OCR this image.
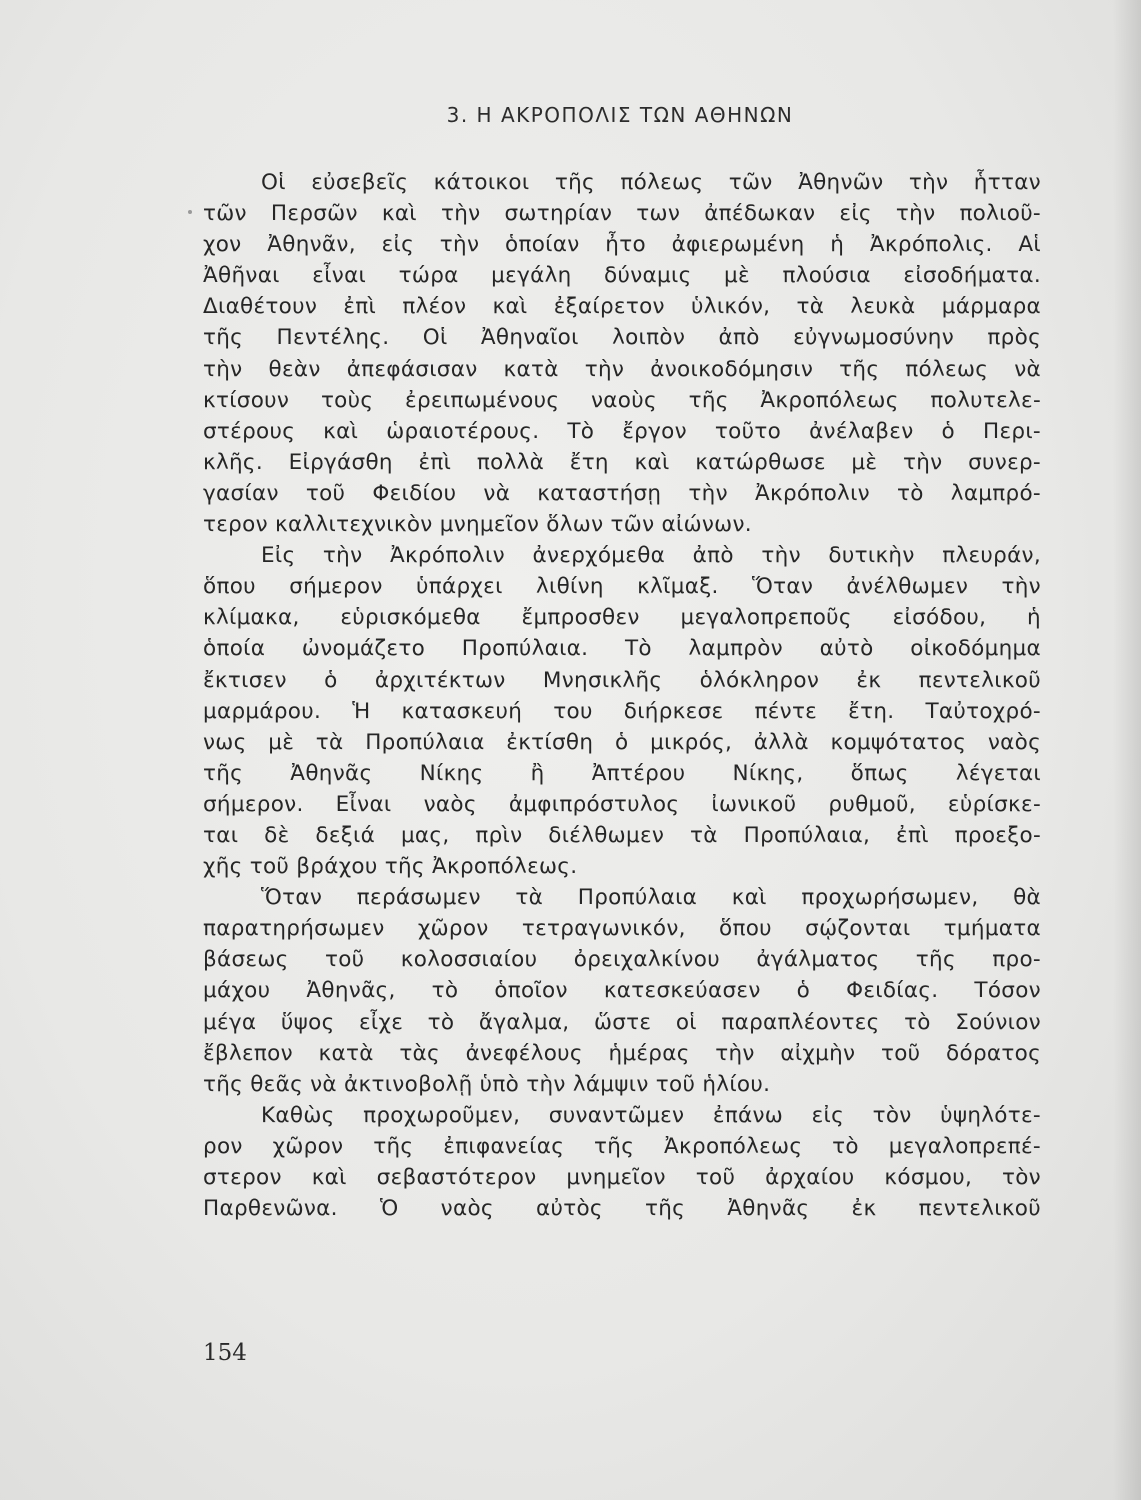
3. Η ΑΚΡΟΠΟΛΙΣ ΤΩΝ ΑΘΗΝΩΝ
Οἱ εὐσεβεῖς κάτοικοι τῆς πόλεως τῶν Ἀθηνῶν τὴν ἧτταν
τῶν Περσῶν καὶ τὴν σωτηρίαν των ἀπέδωκαν εἰς τὴν πολιοῦ-
χον Ἀθηνᾶν, εἰς τὴν ὁποίαν ἦτο ἀφιερωμένη ἡ Ἀκρόπολις. Αἱ
Ἀθῆναι εἶναι τώρα μεγάλη δύναμις μὲ πλούσια εἰσοδήματα.
Διαθέτουν ἐπὶ πλέον καὶ ἐξαίρετον ὑλικόν, τὰ λευκὰ μάρμαρα
τῆς Πεντέλης. Οἱ Ἀθηναῖοι λοιπὸν ἀπὸ εὐγνωμοσύνην πρὸς
τὴν θεὰν ἀπεφάσισαν κατὰ τὴν ἀνοικοδόμησιν τῆς πόλεως νὰ
κτίσουν τοὺς ἐρειπωμένους ναοὺς τῆς Ἀκροπόλεως πολυτελε-
στέρους καὶ ὡραιοτέρους. Τὸ ἔργον τοῦτο ἀνέλαβεν ὁ Περι-
κλῆς. Εἰργάσθη ἐπὶ πολλὰ ἔτη καὶ κατώρθωσε μὲ τὴν συνερ-
γασίαν τοῦ Φειδίου νὰ καταστήσῃ τὴν Ἀκρόπολιν τὸ λαμπρό-
τερον καλλιτεχνικὸν μνημεῖον ὅλων τῶν αἰώνων.
Εἰς τὴν Ἀκρόπολιν ἀνερχόμεθα ἀπὸ τὴν δυτικὴν πλευράν,
ὅπου σήμερον ὑπάρχει λιθίνη κλῖμαξ. Ὅταν ἀνέλθωμεν τὴν
κλίμακα, εὑρισκόμεθα ἔμπροσθεν μεγαλοπρεποῦς εἰσόδου, ἡ
ὁποία ὠνομάζετο Προπύλαια. Τὸ λαμπρὸν αὐτὸ οἰκοδόμημα
ἔκτισεν ὁ ἀρχιτέκτων Μνησικλῆς ὁλόκληρον ἐκ πεντελικοῦ
μαρμάρου. Ἡ κατασκευή του διήρκεσε πέντε ἔτη. Ταὐτοχρό-
νως μὲ τὰ Προπύλαια ἐκτίσθη ὁ μικρός, ἀλλὰ κομψότατος ναὸς
τῆς Ἀθηνᾶς Νίκης ἢ Ἀπτέρου Νίκης, ὅπως λέγεται
σήμερον. Εἶναι ναὸς ἀμφιπρόστυλος ἰωνικοῦ ρυθμοῦ, εὑρίσκε-
ται δὲ δεξιά μας, πρὶν διέλθωμεν τὰ Προπύλαια, ἐπὶ προεξο-
χῆς τοῦ βράχου τῆς Ἀκροπόλεως.
Ὅταν περάσωμεν τὰ Προπύλαια καὶ προχωρήσωμεν, θὰ
παρατηρήσωμεν χῶρον τετραγωνικόν, ὅπου σῴζονται τμήματα
βάσεως τοῦ κολοσσιαίου ὀρειχαλκίνου ἀγάλματος τῆς προ-
μάχου Ἀθηνᾶς, τὸ ὁποῖον κατεσκεύασεν ὁ Φειδίας. Τόσον
μέγα ὕψος εἶχε τὸ ἄγαλμα, ὥστε οἱ παραπλέοντες τὸ Σούνιον
ἔβλεπον κατὰ τὰς ἀνεφέλους ἡμέρας τὴν αἰχμὴν τοῦ δόρατος
τῆς θεᾶς νὰ ἀκτινοβολῇ ὑπὸ τὴν λάμψιν τοῦ ἡλίου.
Καθὼς προχωροῦμεν, συναντῶμεν ἐπάνω εἰς τὸν ὑψηλότε-
ρον χῶρον τῆς ἐπιφανείας τῆς Ἀκροπόλεως τὸ μεγαλοπρεπέ-
στερον καὶ σεβαστότερον μνημεῖον τοῦ ἀρχαίου κόσμου, τὸν
Παρθενῶνα. Ὁ ναὸς αὐτὸς τῆς Ἀθηνᾶς ἐκ πεντελικοῦ
154
